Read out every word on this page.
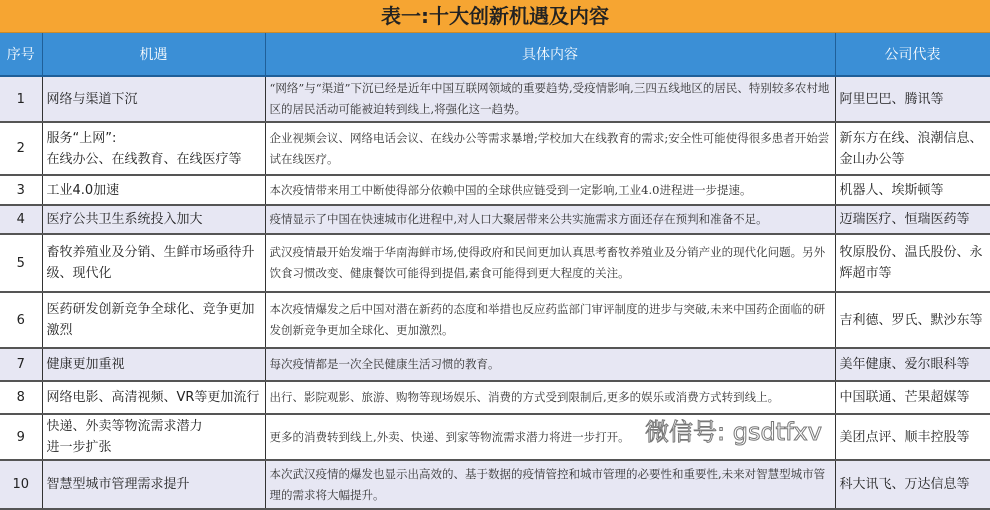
表一:十大创新机遇及内容
序号	机遇	具体内容	公司代表
1	网络与渠道下沉	“网络”与“渠道”下沉已经是近年中国互联网领域的重要趋势,受疫情影响,三四五线地区的居民、特别较多农村地区的居民活动可能被迫转到线上,将强化这一趋势。	阿里巴巴、腾讯等
2	服务“上网”:
在线办公、在线教育、在线医疗等	企业视频会议、网络电话会议、在线办公等需求暴增;学校加大在线教育的需求;安全性可能使得很多患者开始尝试在线医疗。	新东方在线、浪潮信息、金山办公等
3	工业4.0加速	本次疫情带来用工中断使得部分依赖中国的全球供应链受到一定影响,工业4.0进程进一步提速。	机器人、埃斯顿等
4	医疗公共卫生系统投入加大	疫情显示了中国在快速城市化进程中,对人口大聚居带来公共实施需求方面还存在预判和准备不足。	迈瑞医疗、恒瑞医药等
5	畜牧养殖业及分销、生鲜市场亟待升级、现代化	武汉疫情最开始发端于华南海鲜市场,使得政府和民间更加认真思考畜牧养殖业及分销产业的现代化问题。另外饮食习惯改变、健康餐饮可能得到提倡,素食可能得到更大程度的关注。	牧原股份、温氏股份、永辉超市等
6	医药研发创新竞争全球化、竞争更加激烈	本次疫情爆发之后中国对潜在新药的态度和举措也反应药监部门审评制度的进步与突破,未来中国药企面临的研发创新竞争更加全球化、更加激烈。	吉利德、罗氏、默沙东等
7	健康更加重视	每次疫情都是一次全民健康生活习惯的教育。	美年健康、爱尔眼科等
8	网络电影、高清视频、VR等更加流行	出行、影院观影、旅游、购物等现场娱乐、消费的方式受到限制后,更多的娱乐或消费方式转到线上。	中国联通、芒果超媒等
9	快递、外卖等物流需求潜力
进一步扩张	更多的消费转到线上,外卖、快递、到家等物流需求潜力将进一步打开。	美团点评、顺丰控股等
10	智慧型城市管理需求提升	本次武汉疫情的爆发也显示出高效的、基于数据的疫情管控和城市管理的必要性和重要性,未来对智慧型城市管理的需求将大幅提升。	科大讯飞、万达信息等
微信号: gsdtfxv
